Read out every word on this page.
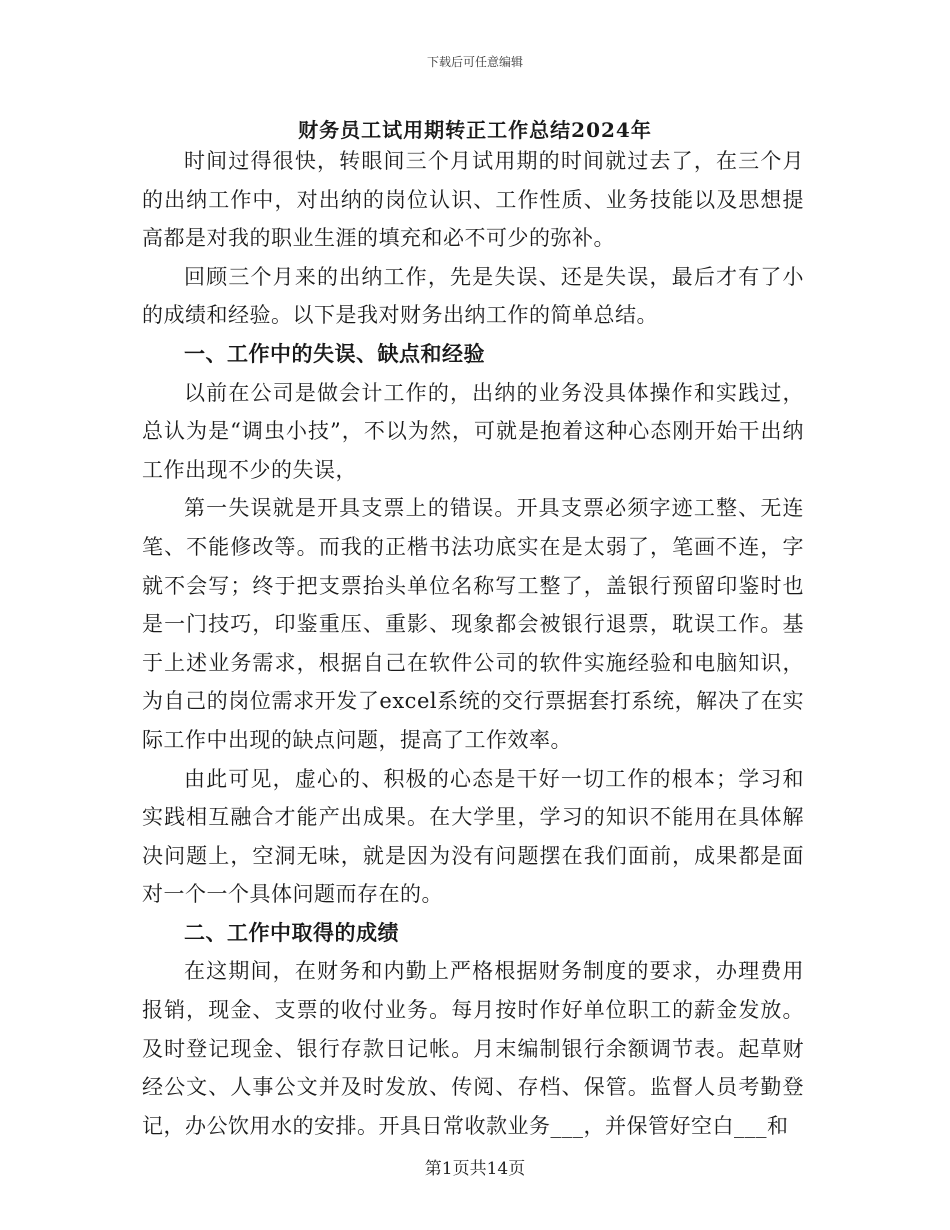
下载后可任意编辑
财务员工试用期转正工作总结2024年

时间过得很快，转眼间三个月试用期的时间就过去了，在三个月的出纳工作中，对出纳的岗位认识、工作性质、业务技能以及思想提高都是对我的职业生涯的填充和必不可少的弥补。

回顾三个月来的出纳工作，先是失误、还是失误，最后才有了小的成绩和经验。以下是我对财务出纳工作的简单总结。

一、工作中的失误、缺点和经验

以前在公司是做会计工作的，出纳的业务没具体操作和实践过，总认为是“调虫小技”，不以为然，可就是抱着这种心态刚开始干出纳工作出现不少的失误，

第一失误就是开具支票上的错误。开具支票必须字迹工整、无连笔、不能修改等。而我的正楷书法功底实在是太弱了，笔画不连，字就不会写；终于把支票抬头单位名称写工整了，盖银行预留印鉴时也是一门技巧，印鉴重压、重影、现象都会被银行退票，耽误工作。基于上述业务需求，根据自己在软件公司的软件实施经验和电脑知识，为自己的岗位需求开发了excel系统的交行票据套打系统，解决了在实际工作中出现的缺点问题，提高了工作效率。

由此可见，虚心的、积极的心态是干好一切工作的根本；学习和实践相互融合才能产出成果。在大学里，学习的知识不能用在具体解决问题上，空洞无味，就是因为没有问题摆在我们面前，成果都是面对一个一个具体问题而存在的。

二、工作中取得的成绩

在这期间，在财务和内勤上严格根据财务制度的要求，办理费用报销，现金、支票的收付业务。每月按时作好单位职工的薪金发放。及时登记现金、银行存款日记帐。月末编制银行余额调节表。起草财经公文、人事公文并及时发放、传阅、存档、保管。监督人员考勤登记，办公饮用水的安排。开具日常收款业务___，并保管好空白___和

第1页共14页
